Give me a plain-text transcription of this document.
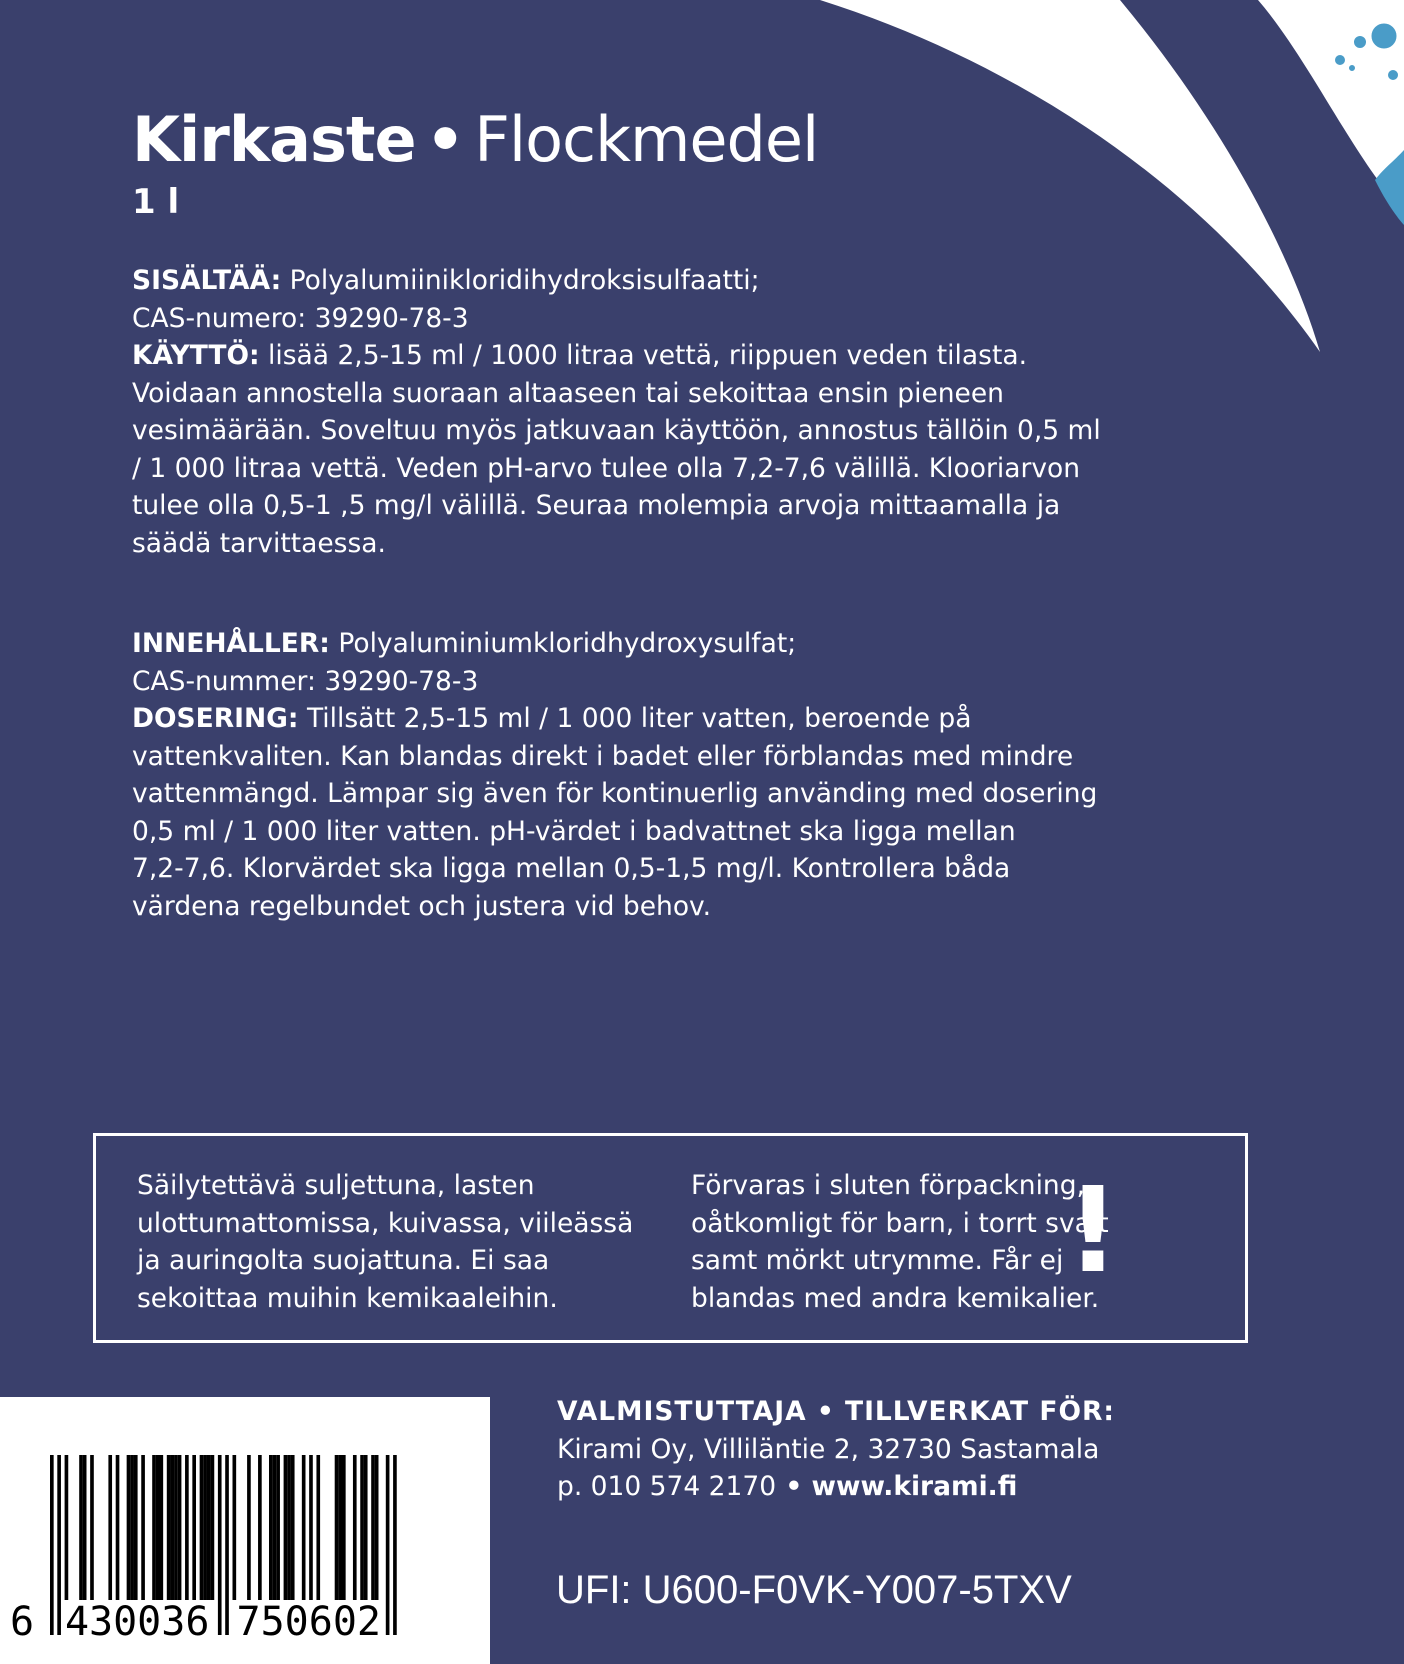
Kirkaste • Flockmedel
1 l

SISÄLTÄÄ: Polyalumiinikloridihydroksisulfaatti;
CAS-numero: 39290-78-3
KÄYTTÖ: lisää 2,5-15 ml / 1000 litraa vettä, riippuen veden tilasta.
Voidaan annostella suoraan altaaseen tai sekoittaa ensin pieneen
vesimäärään. Soveltuu myös jatkuvaan käyttöön, annostus tällöin 0,5 ml
/ 1 000 litraa vettä. Veden pH-arvo tulee olla 7,2-7,6 välillä. Klooriarvon
tulee olla 0,5-1 ,5 mg/l välillä. Seuraa molempia arvoja mittaamalla ja
säädä tarvittaessa.

INNEHÅLLER: Polyaluminiumkloridhydroxysulfat;
CAS-nummer: 39290-78-3
DOSERING: Tillsätt 2,5-15 ml / 1 000 liter vatten, beroende på
vattenkvaliten. Kan blandas direkt i badet eller förblandas med mindre
vattenmängd. Lämpar sig även för kontinuerlig använding med dosering
0,5 ml / 1 000 liter vatten. pH-värdet i badvattnet ska ligga mellan
7,2-7,6. Klorvärdet ska ligga mellan 0,5-1,5 mg/l. Kontrollera båda
värdena regelbundet och justera vid behov.

Säilytettävä suljettuna, lasten
ulottumattomissa, kuivassa, viileässä
ja auringolta suojattuna. Ei saa
sekoittaa muihin kemikaaleihin.

Förvaras i sluten förpackning,
oåtkomligt för barn, i torrt svalt
samt mörkt utrymme. Får ej
blandas med andra kemikalier.

!
6 430036 750602
VALMISTUTTAJA • TILLVERKAT FÖR:
Kirami Oy, Villiläntie 2, 32730 Sastamala
p. 010 574 2170 • www.kirami.fi
UFI: U600-F0VK-Y007-5TXV
